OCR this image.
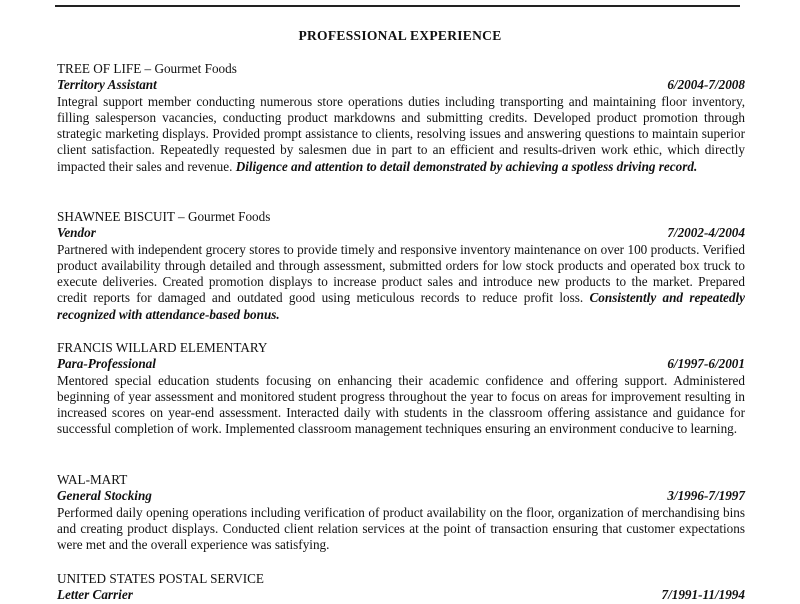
PROFESSIONAL EXPERIENCE
TREE OF LIFE – Gourmet Foods
Territory Assistant	6/2004-7/2008

Integral support member conducting numerous store operations duties including transporting and maintaining floor inventory, filling salesperson vacancies, conducting product markdowns and submitting credits. Developed product promotion through strategic marketing displays. Provided prompt assistance to clients, resolving issues and answering questions to maintain superior client satisfaction. Repeatedly requested by salesmen due in part to an efficient and results-driven work ethic, which directly impacted their sales and revenue. Diligence and attention to detail demonstrated by achieving a spotless driving record.

SHAWNEE BISCUIT – Gourmet Foods
Vendor	7/2002-4/2004

Partnered with independent grocery stores to provide timely and responsive inventory maintenance on over 100 products. Verified product availability through detailed and through assessment, submitted orders for low stock products and operated box truck to execute deliveries. Created promotion displays to increase product sales and introduce new products to the market. Prepared credit reports for damaged and outdated good using meticulous records to reduce profit loss. Consistently and repeatedly recognized with attendance-based bonus.

FRANCIS WILLARD ELEMENTARY
Para-Professional	6/1997-6/2001

Mentored special education students focusing on enhancing their academic confidence and offering support. Administered beginning of year assessment and monitored student progress throughout the year to focus on areas for improvement resulting in increased scores on year-end assessment. Interacted daily with students in the classroom offering assistance and guidance for successful completion of work. Implemented classroom management techniques ensuring an environment conducive to learning.

WAL-MART
General Stocking	3/1996-7/1997

Performed daily opening operations including verification of product availability on the floor, organization of merchandising bins and creating product displays. Conducted client relation services at the point of transaction ensuring that customer expectations were met and the overall experience was satisfying.

UNITED STATES POSTAL SERVICE
Letter Carrier	7/1991-11/1994
